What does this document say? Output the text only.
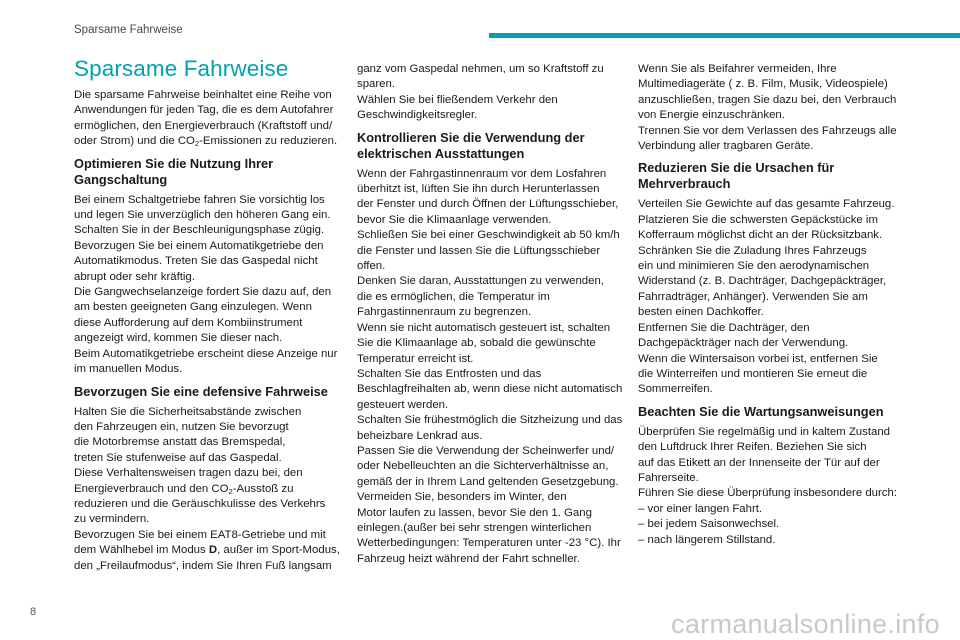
Sparsame Fahrweise
Sparsame Fahrweise

Die sparsame Fahrweise beinhaltet eine Reihe von

Anwendungen für jeden Tag, die es dem Autofahrer

ermöglichen, den Energieverbrauch (Kraftstoff und/

oder Strom) und die $CO_2$-Emissionen zu reduzieren.

Optimieren Sie die Nutzung Ihrer Gangschaltung

Bei einem Schaltgetriebe fahren Sie vorsichtig los

und legen Sie unverzüglich den höheren Gang ein.

Schalten Sie in der Beschleunigungsphase zügig.

Bevorzugen Sie bei einem Automatikgetriebe den

Automatikmodus. Treten Sie das Gaspedal nicht

abrupt oder sehr kräftig.

Die Gangwechselanzeige fordert Sie dazu auf, den

am besten geeigneten Gang einzulegen. Wenn

diese Aufforderung auf dem Kombiinstrument

angezeigt wird, kommen Sie dieser nach.

Beim Automatikgetriebe erscheint diese Anzeige nur

im manuellen Modus.

Bevorzugen Sie eine defensive Fahrweise

Halten Sie die Sicherheitsabstände zwischen

den Fahrzeugen ein, nutzen Sie bevorzugt

die Motorbremse anstatt das Bremspedal,

treten Sie stufenweise auf das Gaspedal.

Diese Verhaltensweisen tragen dazu bei, den

Energieverbrauch und den $CO_2$-Ausstoß zu

reduzieren und die Geräuschkulisse des Verkehrs

zu vermindern.

Bevorzugen Sie bei einem EAT8-Getriebe und mit

dem Wählhebel im Modus D, außer im Sport-Modus,

den „Freilaufmodus“, indem Sie Ihren Fuß langsam

ganz vom Gaspedal nehmen, um so Kraftstoff zu

sparen.

Wählen Sie bei fließendem Verkehr den

Geschwindigkeitsregler.

Kontrollieren Sie die Verwendung der elektrischen Ausstattungen

Wenn der Fahrgastinnenraum vor dem Losfahren

überhitzt ist, lüften Sie ihn durch Herunterlassen

der Fenster und durch Öffnen der Lüftungsschieber,

bevor Sie die Klimaanlage verwenden.

Schließen Sie bei einer Geschwindigkeit ab 50 km/h

die Fenster und lassen Sie die Lüftungsschieber

offen.

Denken Sie daran, Ausstattungen zu verwenden,

die es ermöglichen, die Temperatur im

Fahrgastinnenraum zu begrenzen.

Wenn sie nicht automatisch gesteuert ist, schalten

Sie die Klimaanlage ab, sobald die gewünschte

Temperatur erreicht ist.

Schalten Sie das Entfrosten und das

Beschlagfreihalten ab, wenn diese nicht automatisch

gesteuert werden.

Schalten Sie frühestmöglich die Sitzheizung und das

beheizbare Lenkrad aus.

Passen Sie die Verwendung der Scheinwerfer und/

oder Nebelleuchten an die Sichterverhältnisse an,

gemäß der in Ihrem Land geltenden Gesetzgebung.

Vermeiden Sie, besonders im Winter, den

Motor laufen zu lassen, bevor Sie den 1. Gang

einlegen.(außer bei sehr strengen winterlichen

Wetterbedingungen: Temperaturen unter -23 °C). Ihr

Fahrzeug heizt während der Fahrt schneller.

Wenn Sie als Beifahrer vermeiden, Ihre

Multimediageräte ( z. B. Film, Musik, Videospiele)

anzuschließen, tragen Sie dazu bei, den Verbrauch

von Energie einzuschränken.

Trennen Sie vor dem Verlassen des Fahrzeugs alle

Verbindung aller tragbaren Geräte.

Reduzieren Sie die Ursachen für Mehrverbrauch

Verteilen Sie Gewichte auf das gesamte Fahrzeug.

Platzieren Sie die schwersten Gepäckstücke im

Kofferraum möglichst dicht an der Rücksitzbank.

Schränken Sie die Zuladung Ihres Fahrzeugs

ein und minimieren Sie den aerodynamischen

Widerstand (z. B. Dachträger, Dachgepäckträger,

Fahrradträger, Anhänger). Verwenden Sie am

besten einen Dachkoffer.

Entfernen Sie die Dachträger, den

Dachgepäckträger nach der Verwendung.

Wenn die Wintersaison vorbei ist, entfernen Sie

die Winterreifen und montieren Sie erneut die

Sommerreifen.

Beachten Sie die Wartungsanweisungen

Überprüfen Sie regelmäßig und in kaltem Zustand

den Luftdruck Ihrer Reifen. Beziehen Sie sich

auf das Etikett an der Innenseite der Tür auf der

Fahrerseite.

Führen Sie diese Überprüfung insbesondere durch:

– vor einer langen Fahrt.

– bei jedem Saisonwechsel.

– nach längerem Stillstand.

8	carmanualsonline.info
